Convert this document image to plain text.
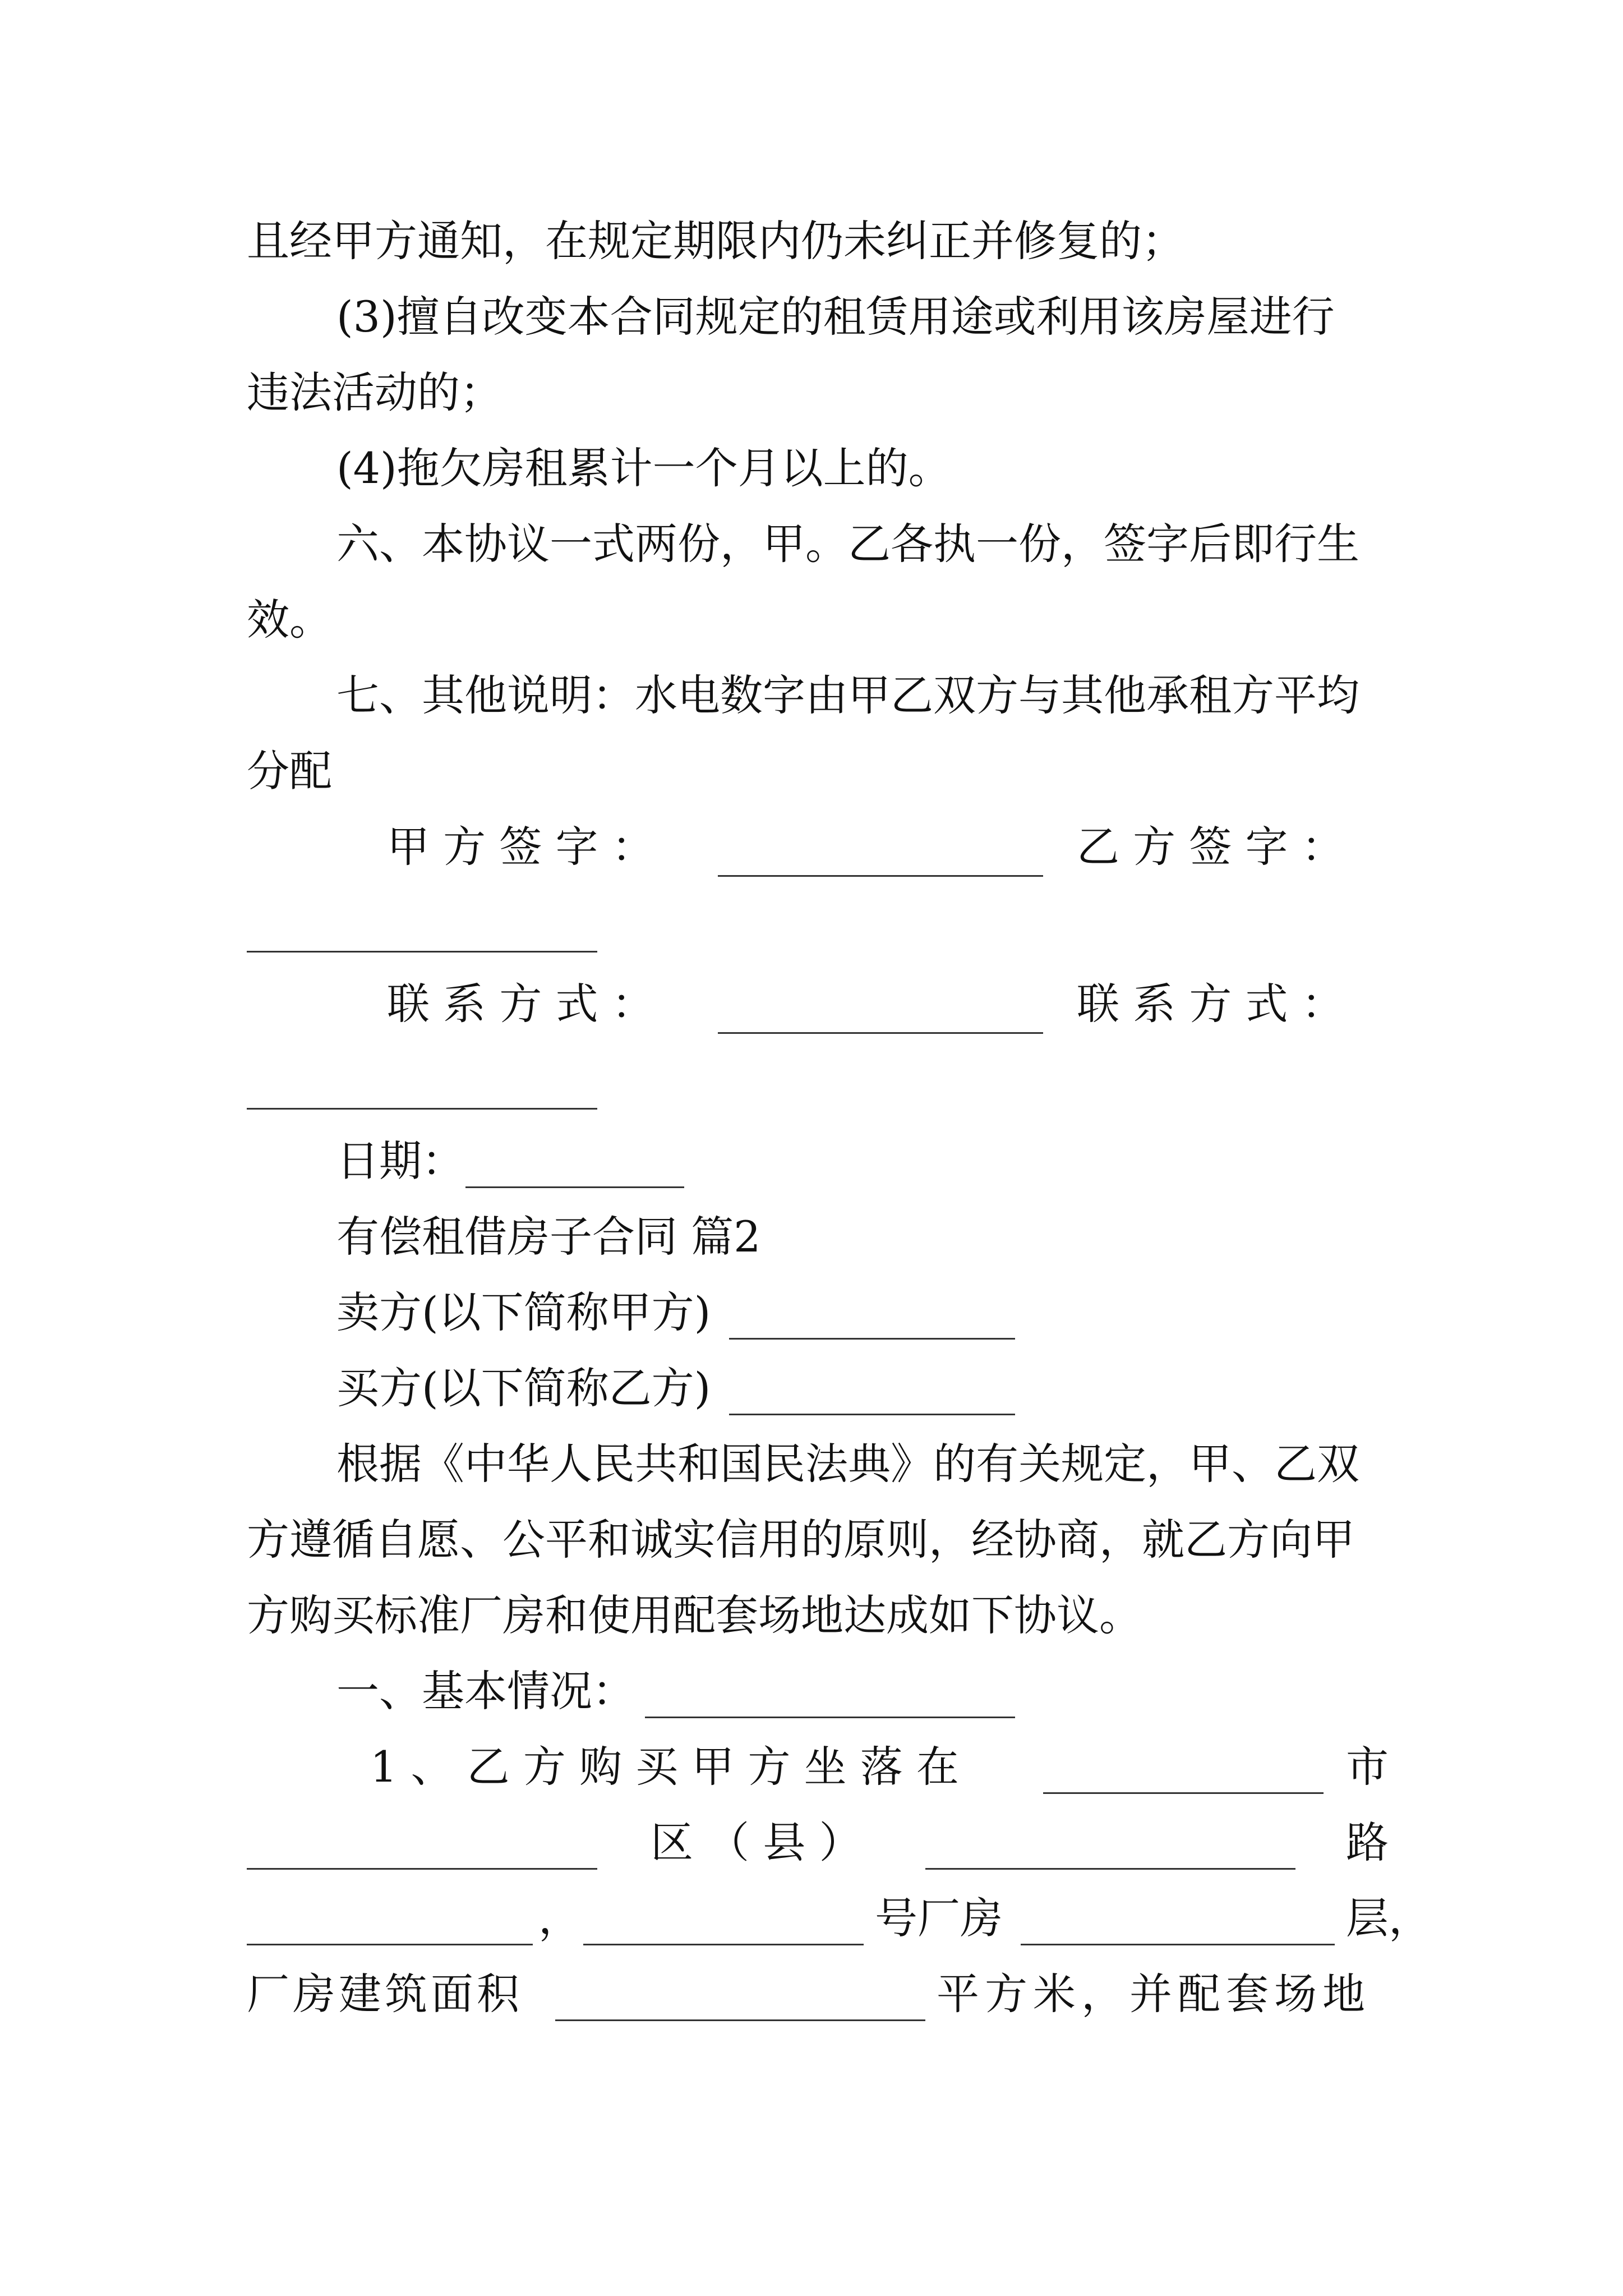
且经甲方通知，在规定期限内仍未纠正并修复的；
(3)擅自改变本合同规定的租赁用途或利用该房屋进行
违法活动的；
(4)拖欠房租累计一个月以上的。
六、本协议一式两份，甲。乙各执一份，签字后即行生
效。
七、其他说明：水电数字由甲乙双方与其他承租方平均
分配
甲 方 签 字 ：	乙 方 签 字 ：
联 系 方 式 ：	联 系 方 式 ：
日期：
有偿租借房子合同 篇2
卖方(以下简称甲方)
买方(以下简称乙方)
根据《中华人民共和国民法典》的有关规定，甲、乙双
方遵循自愿、公平和诚实信用的原则，经协商，就乙方向甲
方购买标准厂房和使用配套场地达成如下协议。
一、基本情况：
1 、 乙 方 购 买 甲 方 坐 落 在	市
区 （ 县 ）	路
，	号厂房	层，
厂房建筑面积	平方米，并配套场地
